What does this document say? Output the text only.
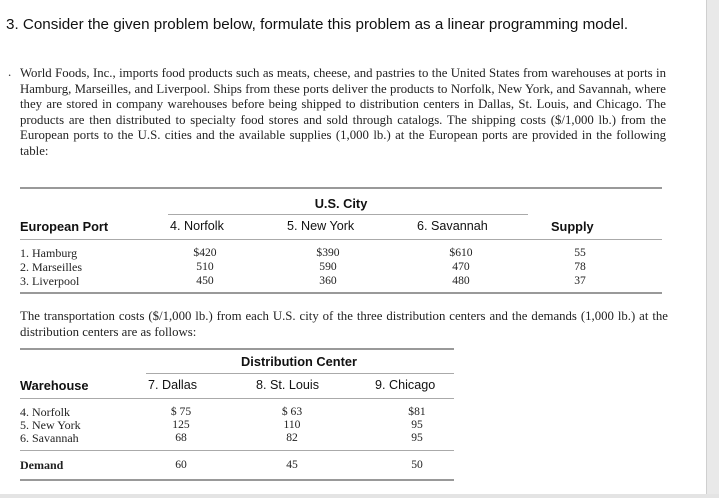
3. Consider the given problem below, formulate this problem as a linear programming model.
. World Foods, Inc., imports food products such as meats, cheese, and pastries to the United States from warehouses at ports in Hamburg, Marseilles, and Liverpool. Ships from these ports deliver the products to Norfolk, New York, and Savannah, where they are stored in company warehouses before being shipped to distribution centers in Dallas, St. Louis, and Chicago. The products are then distributed to specialty food stores and sold through catalogs. The shipping costs ($/1,000 lb.) from the European ports to the U.S. cities and the available supplies (1,000 lb.) at the European ports are provided in the following table:
U.S. City
European Port	4. Norfolk	5. New York	6. Savannah	Supply
1. Hamburg	$420	$390	$610	55
2. Marseilles	510	590	470	78
3. Liverpool	450	360	480	37
The transportation costs ($/1,000 lb.) from each U.S. city of the three distribution centers and the demands (1,000 lb.) at the distribution centers are as follows:
Distribution Center
Warehouse	7. Dallas	8. St. Louis	9. Chicago
4. Norfolk	$ 75	$ 63	$81
5. New York	125	110	95
6. Savannah	68	82	95
Demand	60	45	50
